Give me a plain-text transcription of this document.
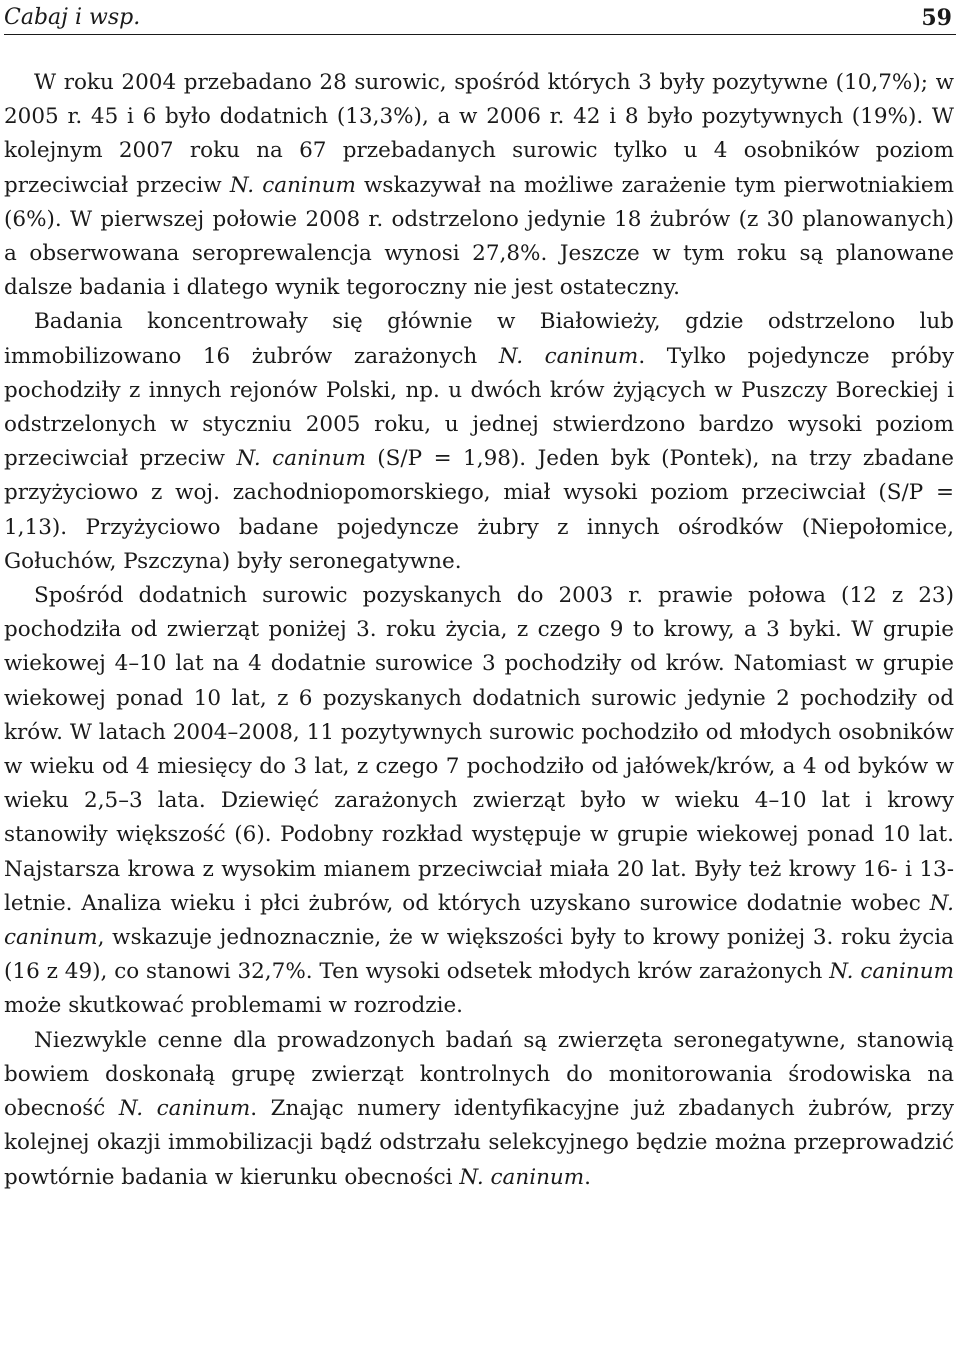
Cabaj i wsp.	59

W roku 2004 przebadano 28 surowic, spośród których 3 były pozytywne (10,7%); w 2005 r. 45 i 6 było dodatnich (13,3%), a w 2006 r. 42 i 8 było pozytywnych (19%). W kolejnym 2007 roku na 67 przebadanych surowic tylko u 4 osobników poziom przeciwciał przeciw N. caninum wskazywał na możliwe zarażenie tym pierwotniakiem (6%). W pierwszej połowie 2008 r. odstrzelono jedynie 18 żubrów (z 30 planowanych) a obserwowana seroprewalencja wynosi 27,8%. Jeszcze w tym roku są planowane dalsze badania i dlatego wynik tegoroczny nie jest ostateczny.

Badania koncentrowały się głównie w Białowieży, gdzie odstrzelono lub immobilizowano 16 żubrów zarażonych N. caninum. Tylko pojedyncze próby pochodziły z innych rejonów Polski, np. u dwóch krów żyjących w Puszczy Boreckiej i odstrzelonych w styczniu 2005 roku, u jednej stwierdzono bardzo wysoki poziom przeciwciał przeciw N. caninum (S/P = 1,98). Jeden byk (Pontek), na trzy zbadane przyżyciowo z woj. zachodniopomorskiego, miał wysoki poziom przeciwciał (S/P = 1,13). Przyżyciowo badane pojedyncze żubry z innych ośrodków (Niepołomice, Gołuchów, Pszczyna) były seronegatywne.

Spośród dodatnich surowic pozyskanych do 2003 r. prawie połowa (12 z 23) pochodziła od zwierząt poniżej 3. roku życia, z czego 9 to krowy, a 3 byki. W grupie wiekowej 4–10 lat na 4 dodatnie surowice 3 pochodziły od krów. Natomiast w grupie wiekowej ponad 10 lat, z 6 pozyskanych dodatnich surowic jedynie 2 pochodziły od krów. W latach 2004–2008, 11 pozytywnych surowic pochodziło od młodych osobników w wieku od 4 miesięcy do 3 lat, z czego 7 pochodziło od jałówek/krów, a 4 od byków w wieku 2,5–3 lata. Dziewięć zarażonych zwierząt było w wieku 4–10 lat i krowy stanowiły większość (6). Podobny rozkład występuje w grupie wiekowej ponad 10 lat. Najstarsza krowa z wysokim mianem przeciwciał miała 20 lat. Były też krowy 16- i 13-letnie. Analiza wieku i płci żubrów, od których uzyskano surowice dodatnie wobec N. caninum, wskazuje jednoznacznie, że w większości były to krowy poniżej 3. roku życia (16 z 49), co stanowi 32,7%. Ten wysoki odsetek młodych krów zarażonych N. caninum może skutkować problemami w rozrodzie.

Niezwykle cenne dla prowadzonych badań są zwierzęta seronegatywne, stanowią bowiem doskonałą grupę zwierząt kontrolnych do monitorowania środowiska na obecność N. caninum. Znając numery identyfikacyjne już zbadanych żubrów, przy kolejnej okazji immobilizacji bądź odstrzału selekcyjnego będzie można przeprowadzić powtórnie badania w kierunku obecności N. caninum.
